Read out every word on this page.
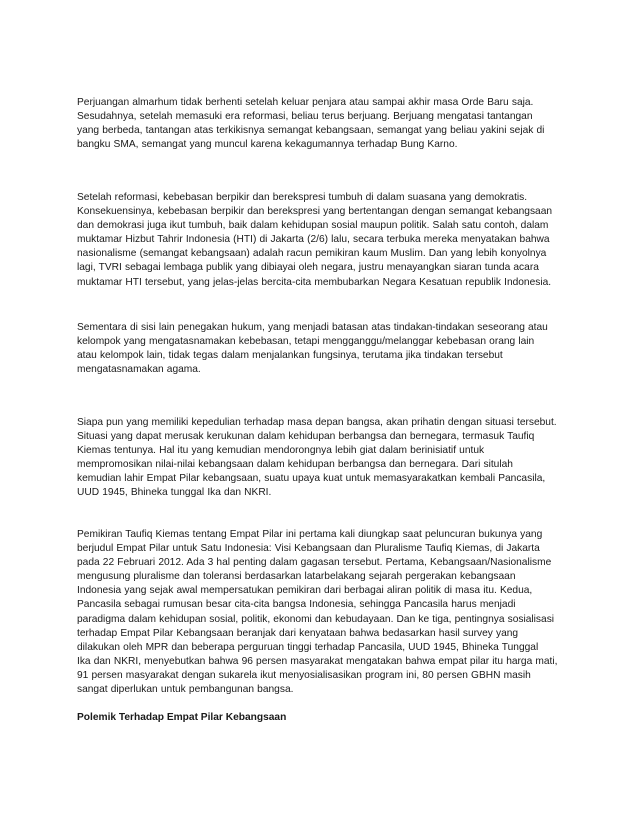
Perjuangan almarhum tidak berhenti setelah keluar penjara atau sampai akhir masa Orde Baru saja.
Sesudahnya, setelah memasuki era reformasi, beliau terus berjuang. Berjuang mengatasi tantangan
yang berbeda, tantangan atas terkikisnya semangat kebangsaan, semangat yang beliau yakini sejak di
bangku SMA, semangat yang muncul karena kekagumannya terhadap Bung Karno.

Setelah reformasi, kebebasan berpikir dan berekspresi tumbuh di dalam suasana yang demokratis.
Konsekuensinya, kebebasan berpikir dan berekspresi yang bertentangan dengan semangat kebangsaan
dan demokrasi juga ikut tumbuh, baik dalam kehidupan sosial maupun politik. Salah satu contoh, dalam
muktamar Hizbut Tahrir Indonesia (HTI) di Jakarta (2/6) lalu, secara terbuka mereka menyatakan bahwa
nasionalisme (semangat kebangsaan) adalah racun pemikiran kaum Muslim. Dan yang lebih konyolnya
lagi, TVRI sebagai lembaga publik yang dibiayai oleh negara, justru menayangkan siaran tunda acara
muktamar HTI tersebut, yang jelas-jelas bercita-cita membubarkan Negara Kesatuan republik Indonesia.

Sementara di sisi lain penegakan hukum, yang menjadi batasan atas tindakan-tindakan seseorang atau
kelompok yang mengatasnamakan kebebasan, tetapi mengganggu/melanggar kebebasan orang lain
atau kelompok lain, tidak tegas dalam menjalankan fungsinya, terutama jika tindakan tersebut
mengatasnamakan agama.

Siapa pun yang memiliki kepedulian terhadap masa depan bangsa, akan prihatin dengan situasi tersebut.
Situasi yang dapat merusak kerukunan dalam kehidupan berbangsa dan bernegara, termasuk Taufiq
Kiemas tentunya. Hal itu yang kemudian mendorongnya lebih giat dalam berinisiatif untuk
mempromosikan nilai-nilai kebangsaan dalam kehidupan berbangsa dan bernegara. Dari situlah
kemudian lahir Empat Pilar kebangsaan, suatu upaya kuat untuk memasyarakatkan kembali Pancasila,
UUD 1945, Bhineka tunggal Ika dan NKRI.

Pemikiran Taufiq Kiemas tentang Empat Pilar ini pertama kali diungkap saat peluncuran bukunya yang
berjudul Empat Pilar untuk Satu Indonesia: Visi Kebangsaan dan Pluralisme Taufiq Kiemas, di Jakarta
pada 22 Februari 2012. Ada 3 hal penting dalam gagasan tersebut. Pertama, Kebangsaan/Nasionalisme
mengusung pluralisme dan toleransi berdasarkan latarbelakang sejarah pergerakan kebangsaan
Indonesia yang sejak awal mempersatukan pemikiran dari berbagai aliran politik di masa itu. Kedua,
Pancasila sebagai rumusan besar cita-cita bangsa Indonesia, sehingga Pancasila harus menjadi
paradigma dalam kehidupan sosial, politik, ekonomi dan kebudayaan. Dan ke tiga, pentingnya sosialisasi
terhadap Empat Pilar Kebangsaan beranjak dari kenyataan bahwa bedasarkan hasil survey yang
dilakukan oleh MPR dan beberapa perguruan tinggi terhadap Pancasila, UUD 1945, Bhineka Tunggal
Ika dan NKRI, menyebutkan bahwa 96 persen masyarakat mengatakan bahwa empat pilar itu harga mati,
91 persen masyarakat dengan sukarela ikut menyosialisasikan program ini, 80 persen GBHN masih
sangat diperlukan untuk pembangunan bangsa.

Polemik Terhadap Empat Pilar Kebangsaan
